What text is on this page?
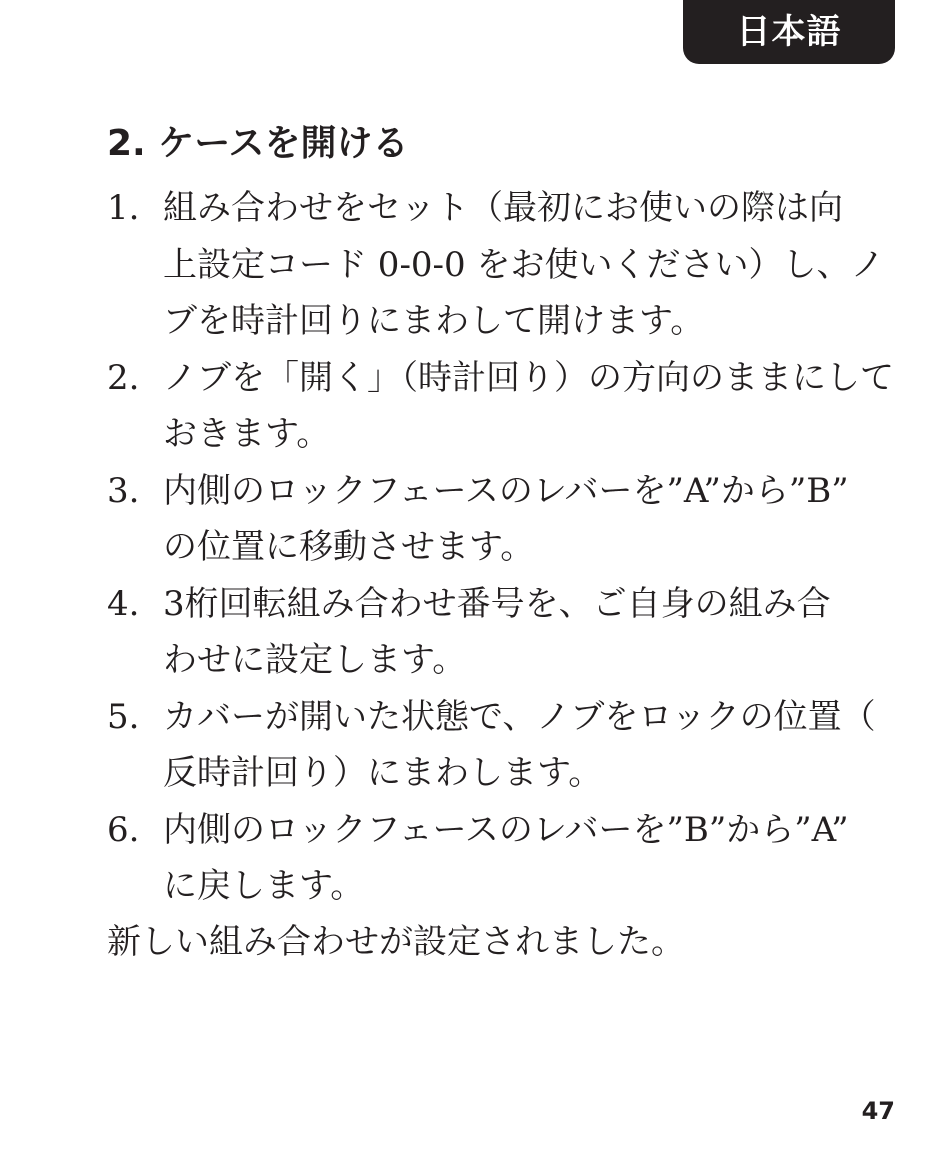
日本語
2. ケースを開ける
1. 組み合わせをセット（最初にお使いの際は向
上設定コード 0-0-0 をお使いください）し、ノ
ブを時計回りにまわして開けます。
2. ノブを「開く」（時計回り）の方向のままにして
おきます。
3. 内側のロックフェースのレバーを”A”から”B”
の位置に移動させます。
4. 3桁回転組み合わせ番号を、ご自身の組み合
わせに設定します。
5. カバーが開いた状態で、ノブをロックの位置（
反時計回り）にまわします。
6. 内側のロックフェースのレバーを”B”から”A”
に戻します。

新しい組み合わせが設定されました。

47
